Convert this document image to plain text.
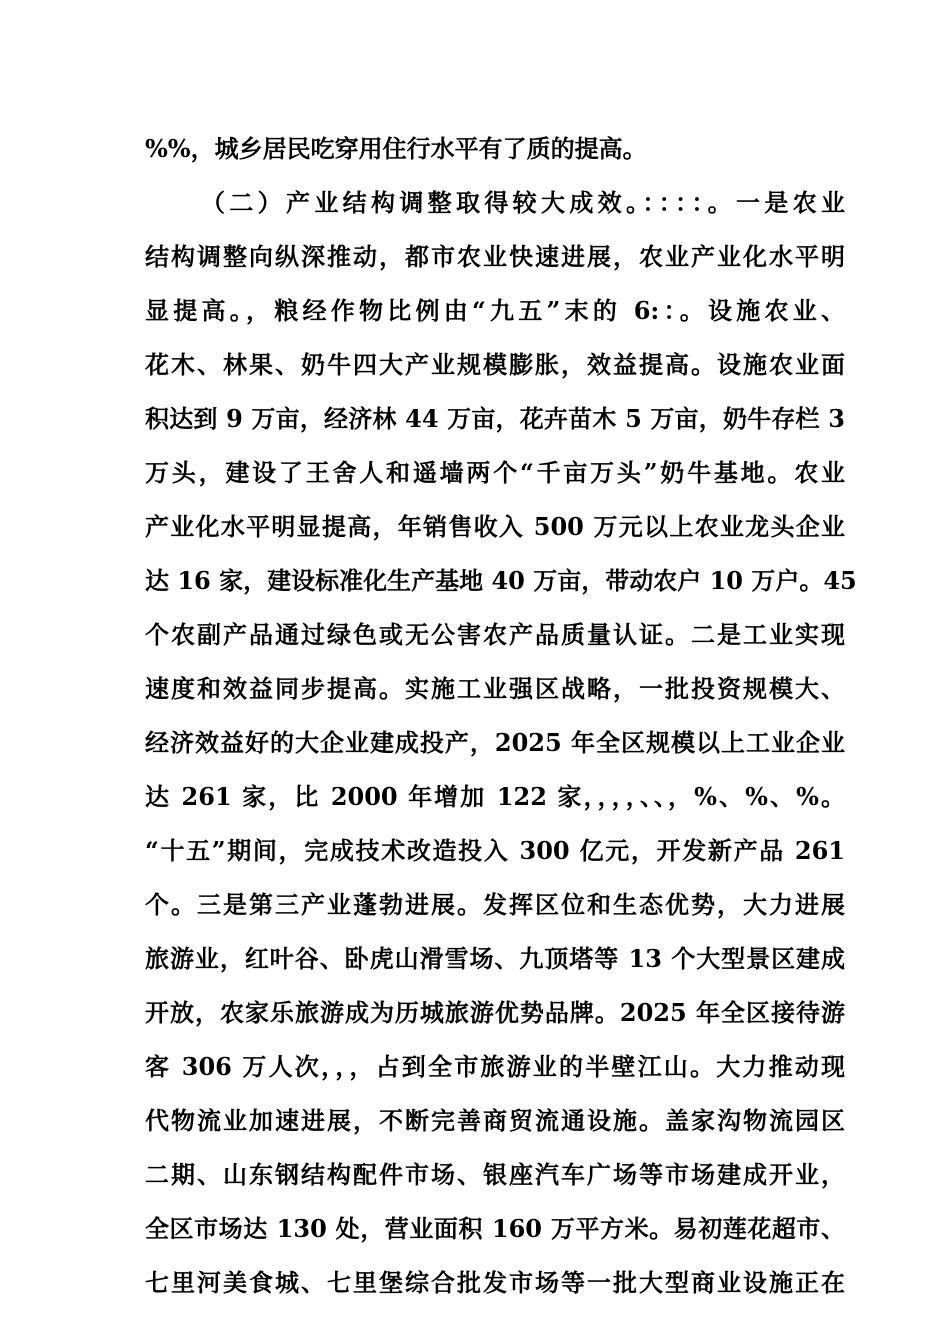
%%，城乡居民吃穿用住行水平有了质的提高。
（二）产业结构调整取得较大成效。：：：：。一是农业
结构调整向纵深推动，都市农业快速进展，农业产业化水平明
显提高。，粮经作物比例由“九五”末的 6:：。设施农业、
花木、林果、奶牛四大产业规模膨胀，效益提高。设施农业面
积达到 9 万亩，经济林 44 万亩，花卉苗木 5 万亩，奶牛存栏 3
万头，建设了王舍人和遥墙两个“千亩万头”奶牛基地。农业
产业化水平明显提高，年销售收入 500 万元以上农业龙头企业
达 16 家，建设标准化生产基地 40 万亩，带动农户 10 万户。45
个农副产品通过绿色或无公害农产品质量认证。二是工业实现
速度和效益同步提高。实施工业强区战略，一批投资规模大、
经济效益好的大企业建成投产，2025 年全区规模以上工业企业
达 261 家，比 2000 年增加 122 家，，，，、、，%、%、%。
“十五”期间，完成技术改造投入 300 亿元，开发新产品 261
个。三是第三产业蓬勃进展。发挥区位和生态优势，大力进展
旅游业，红叶谷、卧虎山滑雪场、九顶塔等 13 个大型景区建成
开放，农家乐旅游成为历城旅游优势品牌。2025 年全区接待游
客 306 万人次，，，占到全市旅游业的半壁江山。大力推动现
代物流业加速进展，不断完善商贸流通设施。盖家沟物流园区
二期、山东钢结构配件市场、银座汽车广场等市场建成开业，
全区市场达 130 处，营业面积 160 万平方米。易初莲花超市、
七里河美食城、七里堡综合批发市场等一批大型商业设施正在
